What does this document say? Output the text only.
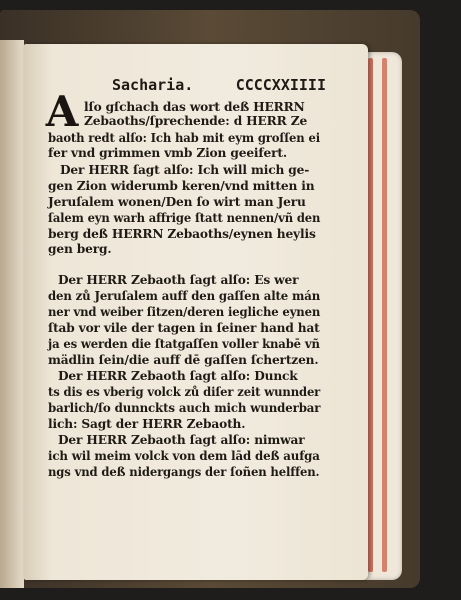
Sacharia.	CCCCXXIIII
A lſo gſchach das wort deß HERRN
Zebaoths/ſprechende: d HERR Ze
baoth redt alſo: Ich hab mit eym groſſen ei
fer vnd grimmen vmb Zion geeifert.
Der HERR ſagt alſo: Ich will mich ge-
gen Zion widerumb keren/vnd mitten in
Jeruſalem wonen/Den ſo wirt man Jeru
ſalem eyn warh affrige ſtatt nennen/vñ den
berg deß HERRN Zebaoths/eynen heylis
gen berg.
Der HERR Zebaoth ſagt alſo: Es wer
den zů Jeruſalem auff den gaſſen alte mán
ner vnd weiber ſitzen/deren iegliche eynen
ſtab vor vile der tagen in ſeiner hand hat
ja es werden die ſtatgaſſen voller knabē vñ
mädlin ſein/die auff dē gaſſen ſchertzen.
Der HERR Zebaoth ſagt alſo: Dunck
ts dis es vberig volck zů diſer zeit wunnder
barlich/ſo dunnckts auch mich wunderbar
lich: Sagt der HERR Zebaoth.
Der HERR Zebaoth ſagt alſo: nimwar
ich wil meim volck von dem lād deß aufga
ngs vnd deß nidergangs der ſoñen helffen.
